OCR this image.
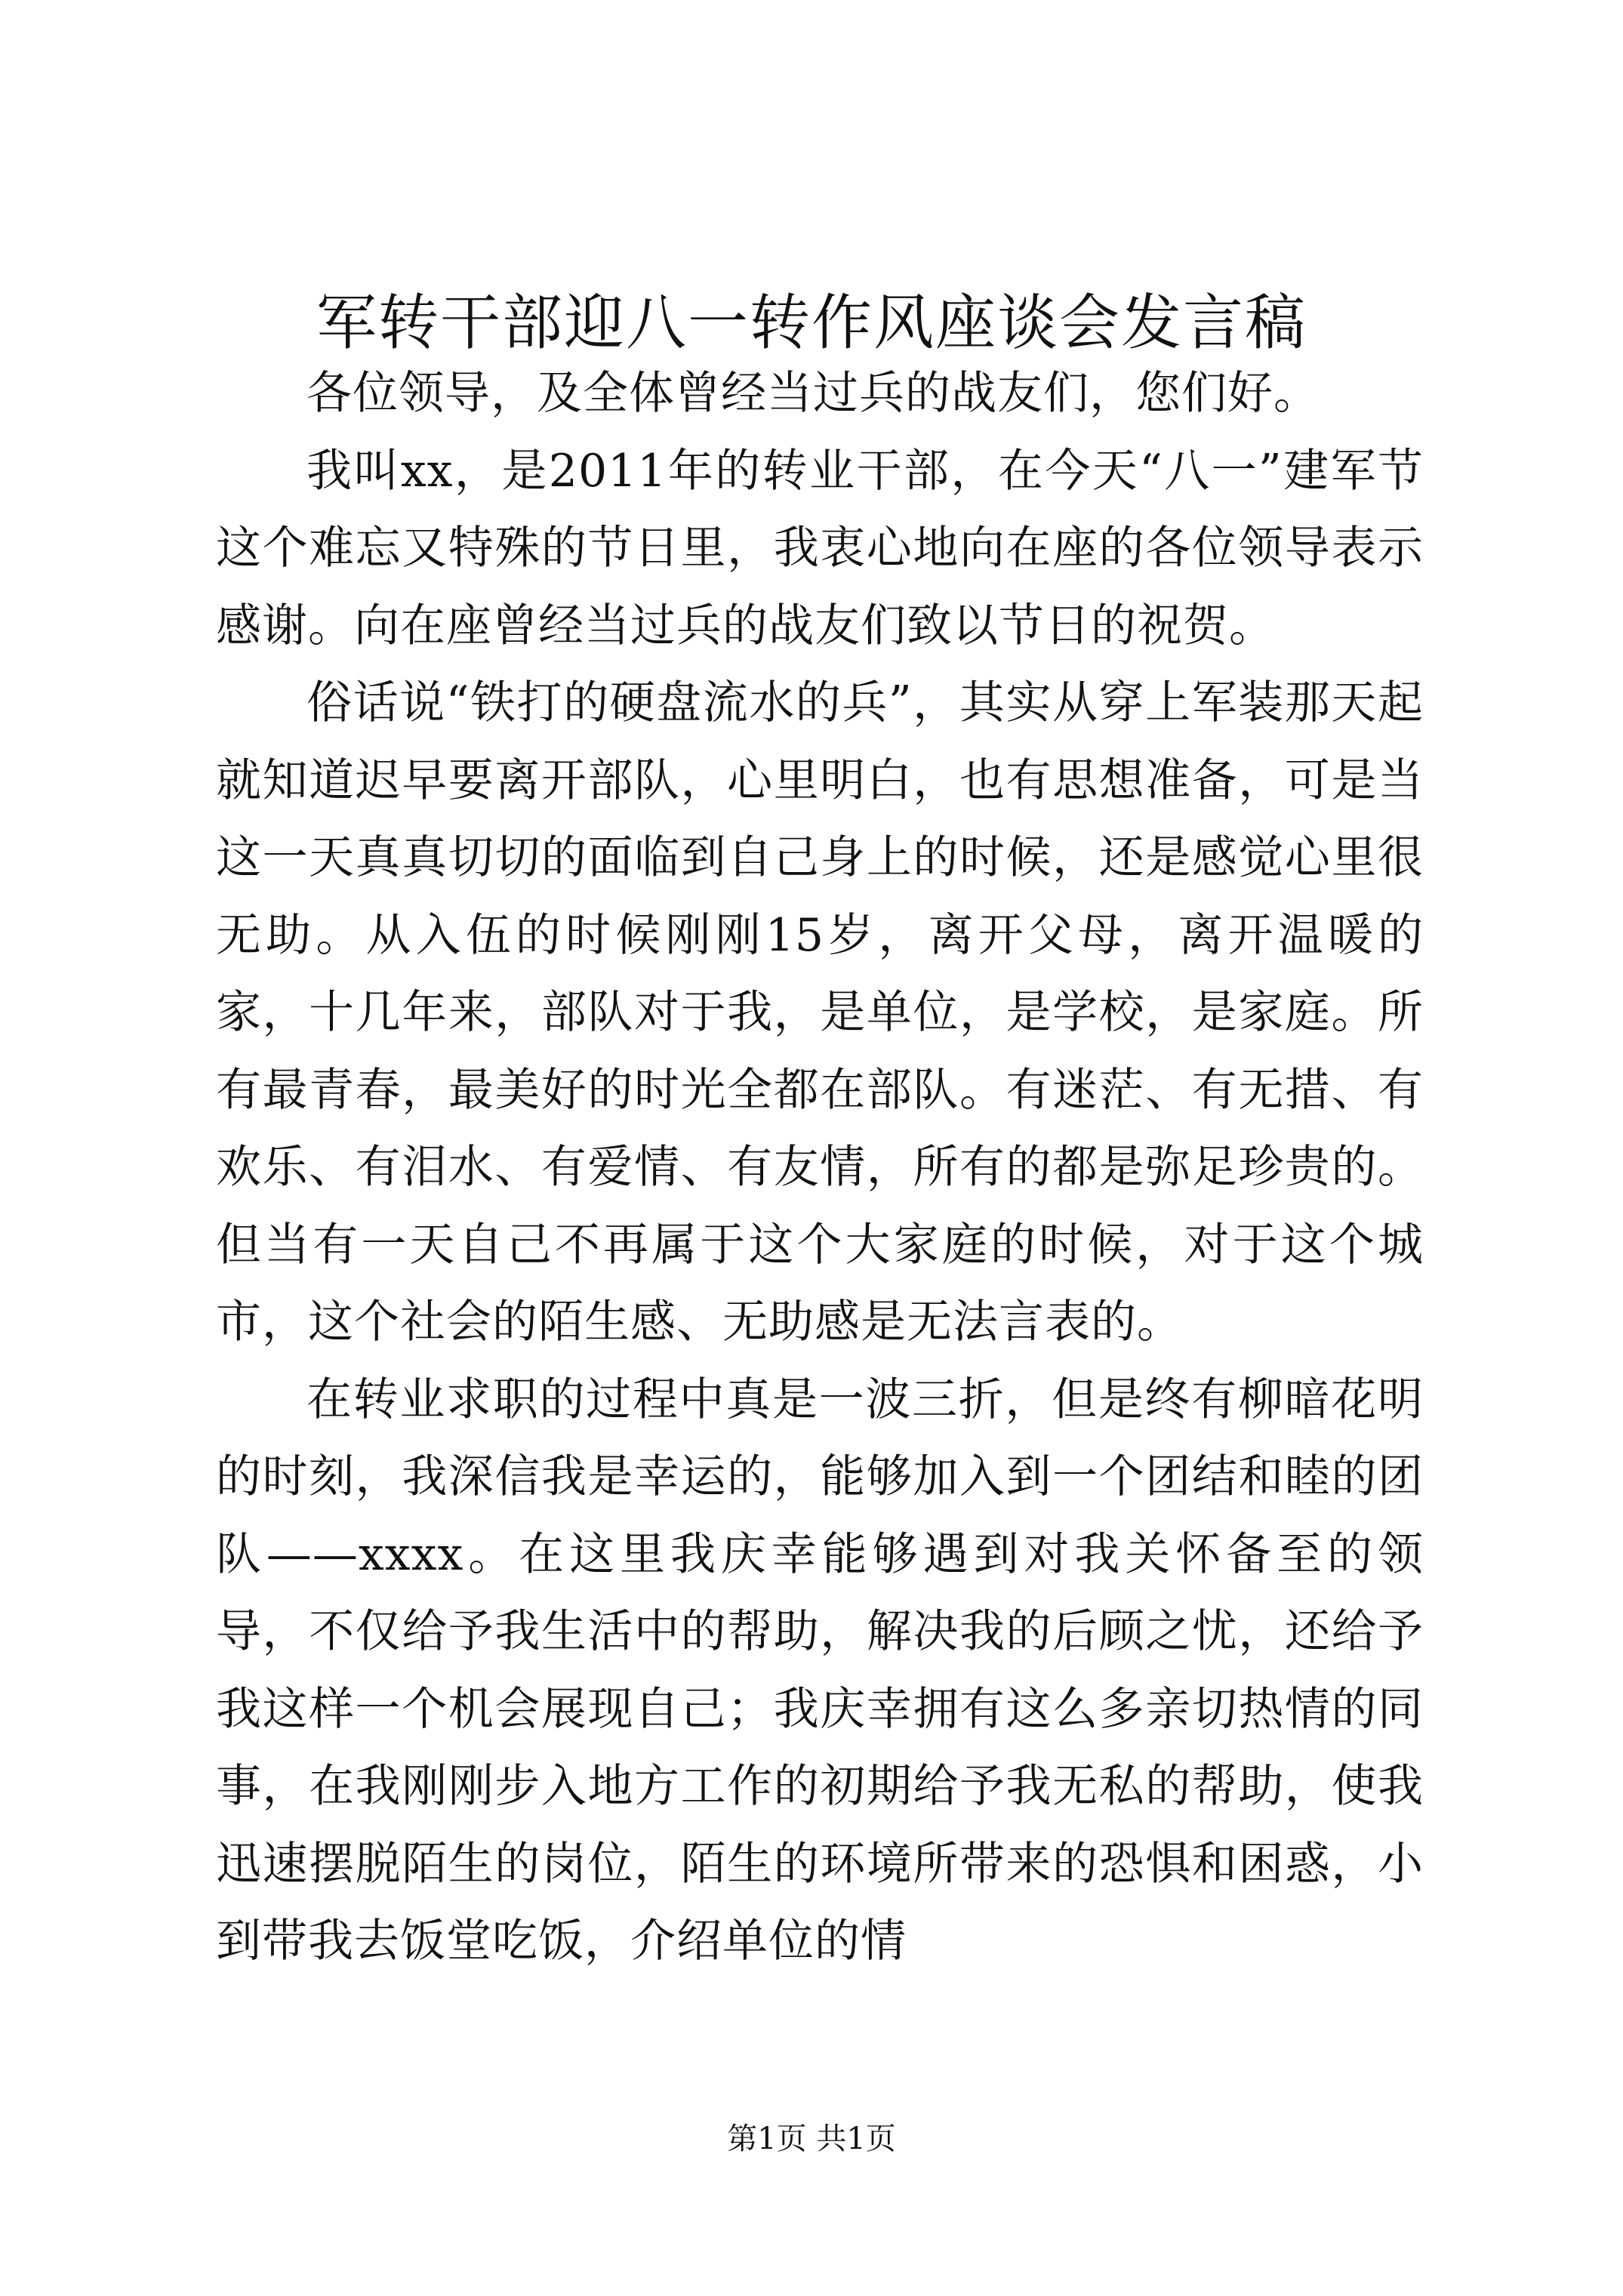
军转干部迎八一转作风座谈会发言稿

各位领导，及全体曾经当过兵的战友们，您们好。

我叫xx，是2011年的转业干部，在今天“八一”建军节这个难忘又特殊的节日里，我衷心地向在座的各位领导表示感谢。向在座曾经当过兵的战友们致以节日的祝贺。

俗话说“铁打的硬盘流水的兵”，其实从穿上军装那天起就知道迟早要离开部队，心里明白，也有思想准备，可是当这一天真真切切的面临到自己身上的时候，还是感觉心里很无助。从入伍的时候刚刚15岁，离开父母，离开温暖的家，十几年来，部队对于我，是单位，是学校，是家庭。所有最青春，最美好的时光全都在部队。有迷茫、有无措、有欢乐、有泪水、有爱情、有友情，所有的都是弥足珍贵的。但当有一天自己不再属于这个大家庭的时候，对于这个城市，这个社会的陌生感、无助感是无法言表的。

在转业求职的过程中真是一波三折，但是终有柳暗花明的时刻，我深信我是幸运的，能够加入到一个团结和睦的团队——xxxx。在这里我庆幸能够遇到对我关怀备至的领导，不仅给予我生活中的帮助，解决我的后顾之忧，还给予我这样一个机会展现自己；我庆幸拥有这么多亲切热情的同事，在我刚刚步入地方工作的初期给予我无私的帮助，使我迅速摆脱陌生的岗位，陌生的环境所带来的恐惧和困惑，小到带我去饭堂吃饭，介绍单位的情

第1页 共1页
